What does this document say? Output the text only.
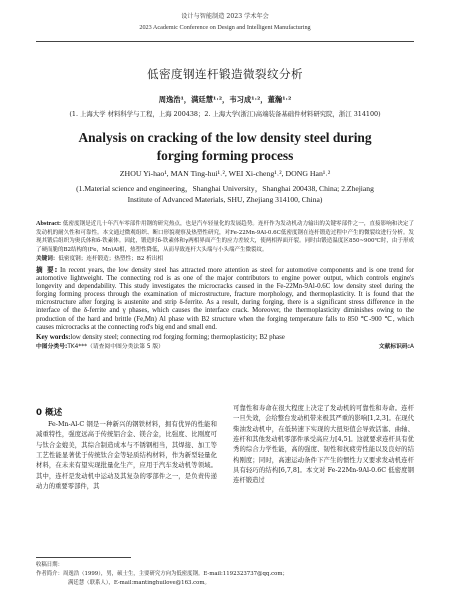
设计与智能制造 2023 学术年会
2023 Academic Conference on Design and Intelligent Manufacturing
低密度钢连杆锻造微裂纹分析
周逸浩¹，满廷慧¹˒²，韦习成¹˒²，董瀚¹˒²
(1. 上海大学 材料科学与工程，上海 200438；2. 上海大学(浙江)高端装备基础件材料研究院，浙江 314100)
Analysis on cracking of the low density steel during
forging forming process
ZHOU Yi-hao¹, MAN Ting-hui¹˒², WEI Xi-cheng¹˒², DONG Han¹˒²
(1.Material science and engineering，Shanghai University，Shanghai 200438, China; 2.Zhejiang
Institute of Advanced Materials, SHU, Zhejiang 314100, China)
Abstract: 低密度钢是近几十年汽车零部件用钢的研究热点，也是汽车轻量化的发展趋势。连杆作为发动机动力输出的关键零部件之一，直接影响和决定了发动机的耐久性和可靠性。本文通过微观组织、断口形貌观察及热塑性研究，对Fe-22Mn-9Al-0.6C低密度钢在连杆锻造过程中产生的微裂纹进行分析。发现其锻后组织为奥氏体和δ-铁素体。因此，锻造时δ-铁素体和γ两相界面产生的应力差较大，使两相界面开裂。同时由锻造温度区850~900℃时，由于形成了硬而脆的B2结构的(Fe，Mn)Al相，热塑性降低，从而导致连杆大头端与小头端产生微裂纹。
关键词：低密度钢；连杆锻造；热塑性；B2 析出相
摘 要: In recent years, the low density steel has attracted more attention as steel for automotive components and is one trend for automotive lightweight. The connecting rod is as one of the major contributors to engine power output, which controls engine's longevity and dependability. This study investigates the microcracks caused in the Fe-22Mn-9Al-0.6C low density steel during the forging forming process through the examination of microstructure, fracture morphology, and thermoplasticity. It is found that the microstructure after forging is austenite and strip δ-ferrite. As a result, during forging, there is a significant stress difference in the interface of the δ-ferrite and γ phases, which causes the interface crack. Moreover, the thermoplasticity diminishes owing to the production of the hard and brittle (Fe,Mn) Al phase with B2 structure when the forging temperature falls to 850 ℃-900 ℃, which causes microcracks at the connecting rod's big end and small end.
Key words:low density steel; connecting rod forging forming; thermoplasticity; B2 phase
中图分类号:TK4***（请查阅中图分类法第 5 版）	文献标识码:A
0 概述

Fe-Mn-Al-C 钢是一种新兴的钢铁材料，拥有优异的性能和减重特性，强度远高于传统铝合金、镁合金，比强度、比刚度可与钛合金媲美，其综合制造成本与不锈钢相当，其焊接、加工等工艺性能显著优于传统钛合金等轻质结构材料，作为新型轻量化材料，在未来有望实现批量化生产，应用于汽车发动机等领域。其中，连杆是发动机中运动及其复杂的零部件之一，是负责传递动力的重要零部件，其

可靠性和寿命在很大程度上决定了发动机的可靠性和寿命。连杆一旦失效，会给整台发动机带来极其严重的影响[1,2,3]。在现代柴油发动机中，在低转速下实现的大扭矩值会导致活塞、曲轴、连杆和其他发动机零部件承受高应力[4,5]。这就要求连杆具有优秀的综合力学性能，高的强度、韧性和抗疲劳性能以及良好的结构刚度；同时，高速运动条件下产生的惯性力又要求发动机连杆具有轻巧的结构[6,7,8]。本文对 Fe-22Mn-9Al-0.6C 低密度钢连杆锻造过

收稿日期：
作者简介：周逸浩（1999），男，硕士生，主要研究方向为低密度钢。E-mail:1192323737@qq.com；
满廷慧（联系人），E-mail:mantinghuilove@163.com。
